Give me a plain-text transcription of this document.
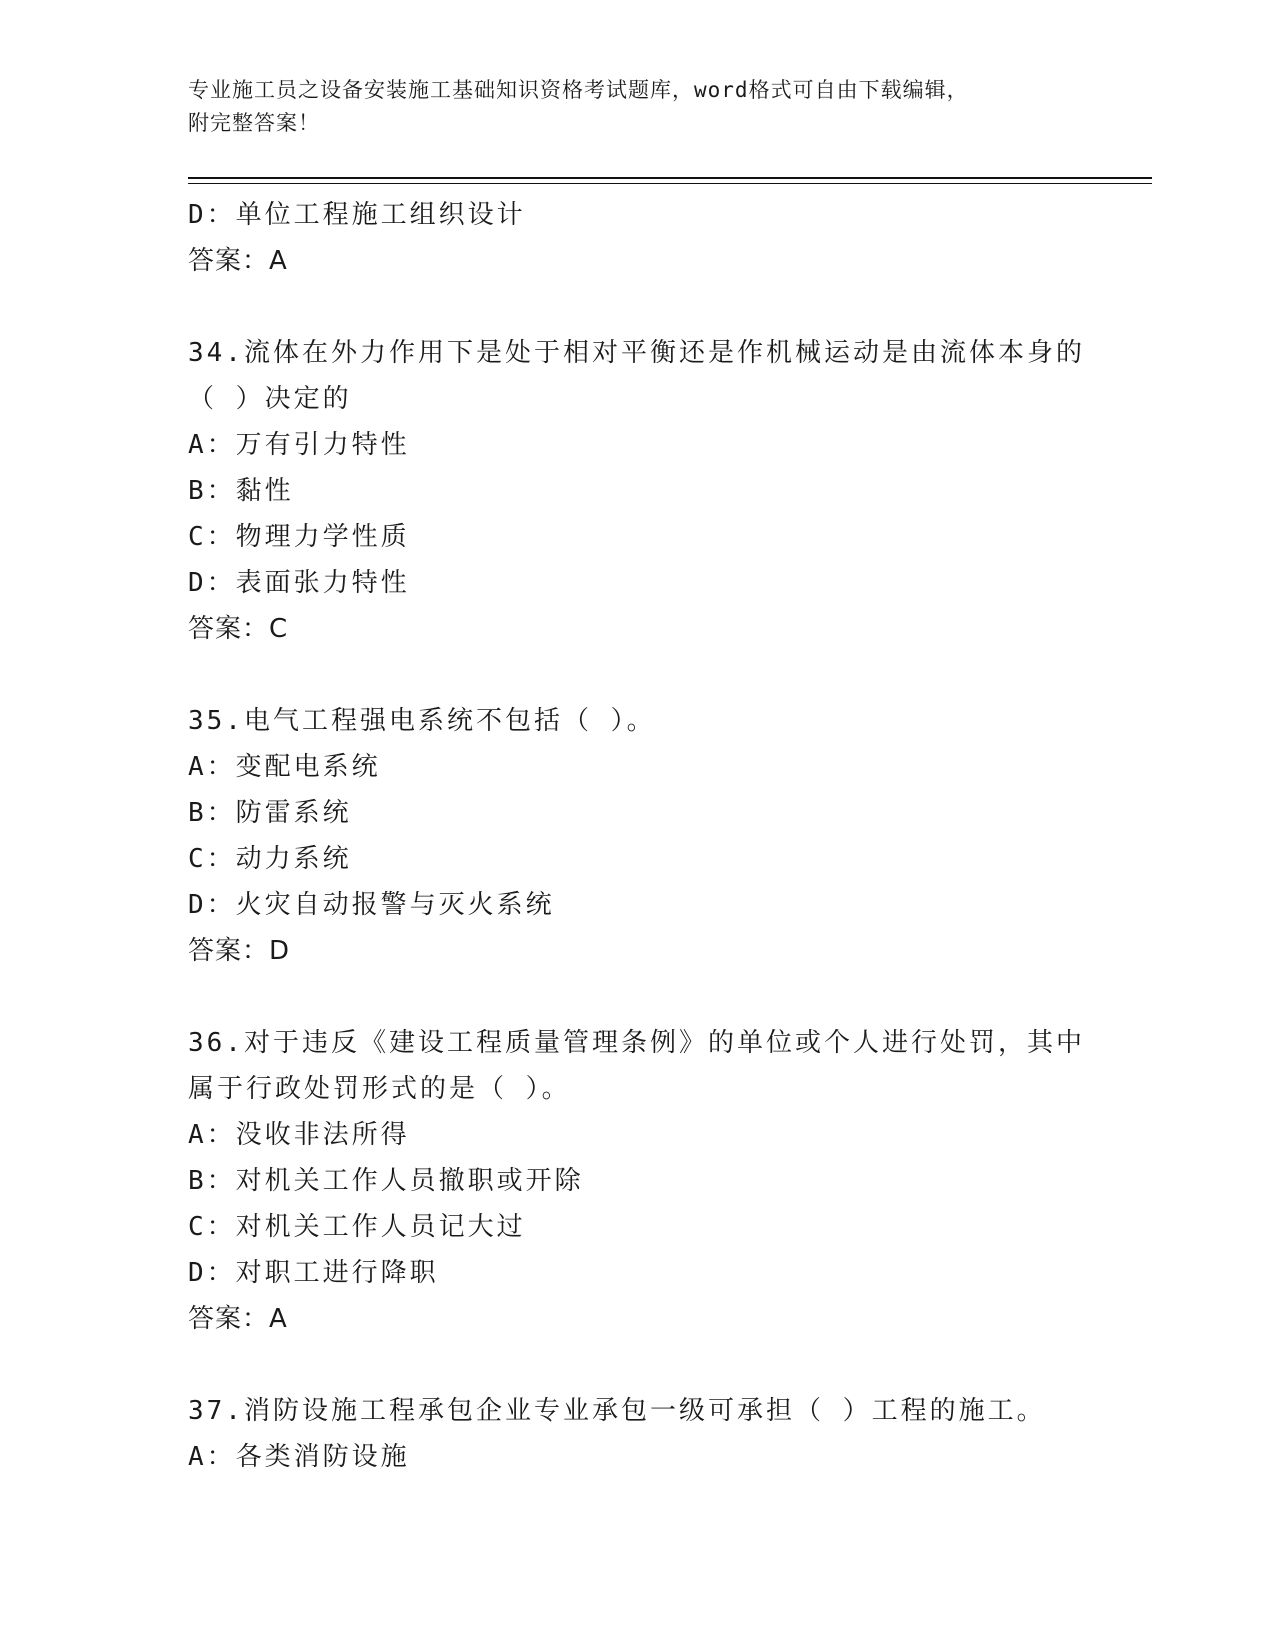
专业施工员之设备安装施工基础知识资格考试题库，word格式可自由下载编辑，
附完整答案！
D：单位工程施工组织设计
答案：A
34.流体在外力作用下是处于相对平衡还是作机械运动是由流体本身的
（ ）决定的
A：万有引力特性
B：黏性
C：物理力学性质
D：表面张力特性
答案：C
35.电气工程强电系统不包括（ ）。
A：变配电系统
B：防雷系统
C：动力系统
D：火灾自动报警与灭火系统
答案：D
36.对于违反《建设工程质量管理条例》的单位或个人进行处罚，其中
属于行政处罚形式的是（ ）。
A：没收非法所得
B：对机关工作人员撤职或开除
C：对机关工作人员记大过
D：对职工进行降职
答案：A
37.消防设施工程承包企业专业承包一级可承担（ ）工程的施工。
A：各类消防设施
